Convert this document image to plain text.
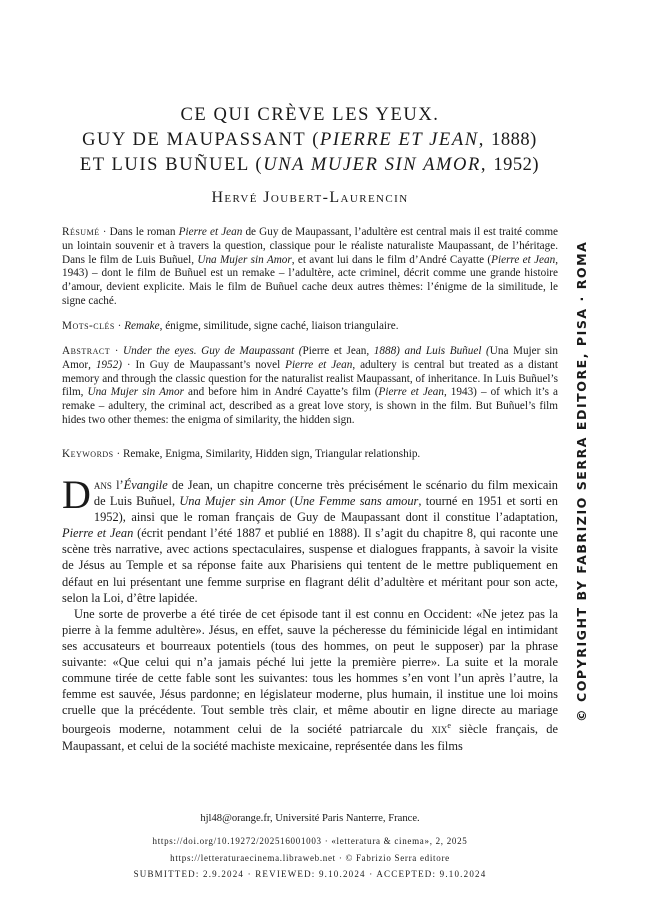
CE QUI CRÈVE LES YEUX.
GUY DE MAUPASSANT (PIERRE ET JEAN, 1888)
ET LUIS BUÑUEL (UNA MUJER SIN AMOR, 1952)
Hervé Joubert-Laurencin

Résumé · Dans le roman Pierre et Jean de Guy de Maupassant, l’adultère est central mais il est traité comme un lointain souvenir et à travers la question, classique pour le réaliste naturaliste Maupassant, de l’héritage. Dans le film de Luis Buñuel, Una Mujer sin Amor, et avant lui dans le film d’André Cayatte (Pierre et Jean, 1943) – dont le film de Buñuel est un remake – l’adultère, acte criminel, décrit comme une grande histoire d’amour, devient explicite. Mais le film de Buñuel cache deux autres thèmes: l’énigme de la similitude, le signe caché.

Mots-clés · Remake, énigme, similitude, signe caché, liaison triangulaire.

Abstract · Under the eyes. Guy de Maupassant (Pierre et Jean, 1888) and Luis Buñuel (Una Mujer sin Amor, 1952) · In Guy de Maupassant’s novel Pierre et Jean, adultery is central but treated as a distant memory and through the classic question for the naturalist realist Maupassant, of inheritance. In Luis Buñuel’s film, Una Mujer sin Amor and before him in André Cayatte’s film (Pierre et Jean, 1943) – of which it’s a remake – adultery, the criminal act, described as a great love story, is shown in the film. But Buñuel’s film hides two other themes: the enigma of similarity, the hidden sign.

Keywords · Remake, Enigma, Similarity, Hidden sign, Triangular relationship.

Dans l’Évangile de Jean, un chapitre concerne très précisément le scénario du film mexicain de Luis Buñuel, Una Mujer sin Amor (Une Femme sans amour, tourné en 1951 et sorti en 1952), ainsi que le roman français de Guy de Maupassant dont il constitue l’adaptation, Pierre et Jean (écrit pendant l’été 1887 et publié en 1888). Il s’agit du chapitre 8, qui raconte une scène très narrative, avec actions spectaculaires, suspense et dialogues frappants, à savoir la visite de Jésus au Temple et sa réponse faite aux Pharisiens qui tentent de le mettre publiquement en défaut en lui présentant une femme surprise en flagrant délit d’adultère et méritant pour son acte, selon la Loi, d’être lapidée.

Une sorte de proverbe a été tirée de cet épisode tant il est connu en Occident: «Ne jetez pas la pierre à la femme adultère». Jésus, en effet, sauve la pécheresse du féminicide légal en intimidant ses accusateurs et bourreaux potentiels (tous des hommes, on peut le supposer) par la phrase suivante: «Que celui qui n’a jamais péché lui jette la première pierre». La suite et la morale commune tirée de cette fable sont les suivantes: tous les hommes s’en vont l’un après l’autre, la femme est sauvée, Jésus pardonne; en législateur moderne, plus humain, il institue une loi moins cruelle que la précédente. Tout semble très clair, et même aboutir en ligne directe au mariage bourgeois moderne, notamment celui de la société patriarcale du xix$^e$ siècle français, de Maupassant, et celui de la société machiste mexicaine, représentée dans les films

hjl48@orange.fr, Université Paris Nanterre, France.
https://doi.org/10.19272/202516001003 · «letteratura & cinema», 2, 2025
https://letteraturaecinema.libraweb.net · © Fabrizio Serra editore
SUBMITTED: 2.9.2024 · REVIEWED: 9.10.2024 · ACCEPTED: 9.10.2024
© COPYRIGHT BY FABRIZIO SERRA EDITORE, PISA · ROMA
